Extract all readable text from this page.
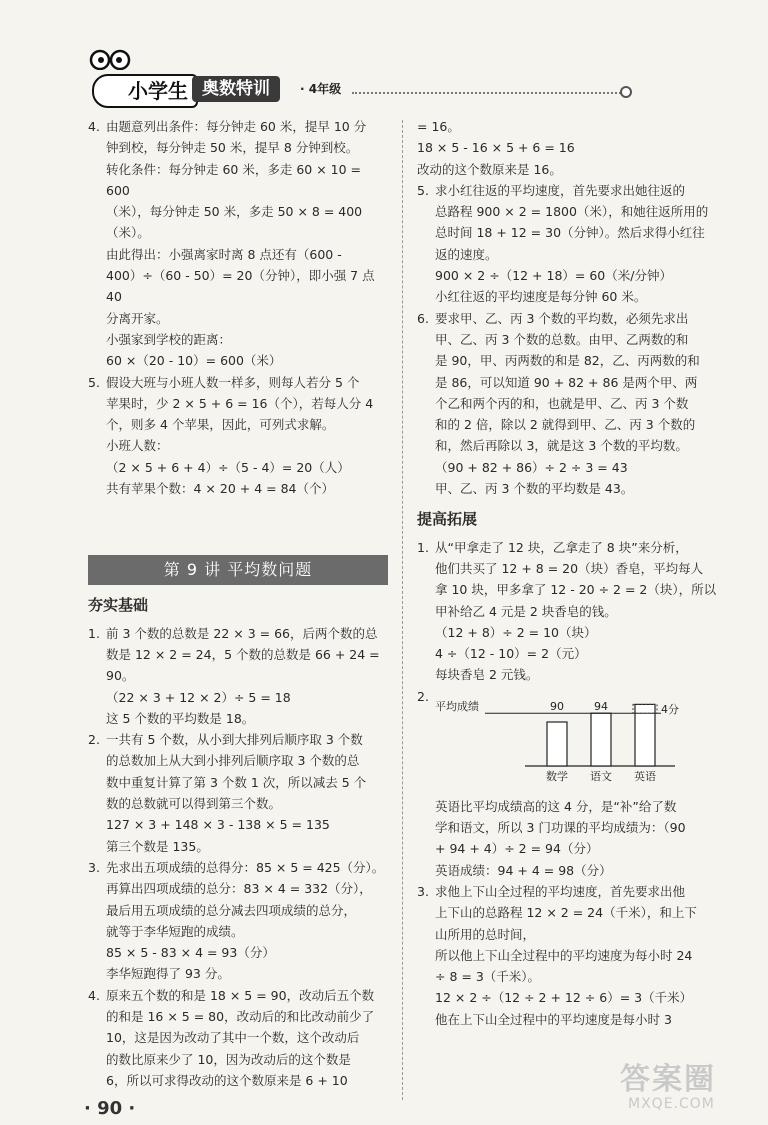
小学生 奥数特训	· 4年级
4. 由题意列出条件：每分钟走 60 米，提早 10 分

钟到校，每分钟走 50 米，提早 8 分钟到校。

转化条件：每分钟走 60 米，多走 60 × 10 = 600

（米），每分钟走 50 米，多走 50 × 8 = 400

（米）。

由此得出：小强离家时离 8 点还有（600 -

400）÷（60 - 50）= 20（分钟），即小强 7 点 40

分离开家。

小强家到学校的距离：

60 ×（20 - 10）= 600（米）

5. 假设大班与小班人数一样多，则每人若分 5 个

苹果时，少 2 × 5 + 6 = 16（个），若每人分 4

个，则多 4 个苹果，因此，可列式求解。

小班人数：

（2 × 5 + 6 + 4）÷（5 - 4）= 20（人）

共有苹果个数：4 × 20 + 4 = 84（个）

第 9 讲 平均数问题
夯实基础
1. 前 3 个数的总数是 22 × 3 = 66，后两个数的总

数是 12 × 2 = 24，5 个数的总数是 66 + 24 = 90。

（22 × 3 + 12 × 2）÷ 5 = 18

这 5 个数的平均数是 18。

2. 一共有 5 个数，从小到大排列后顺序取 3 个数

的总数加上从大到小排列后顺序取 3 个数的总

数中重复计算了第 3 个数 1 次，所以减去 5 个

数的总数就可以得到第三个数。

127 × 3 + 148 × 3 - 138 × 5 = 135

第三个数是 135。

3. 先求出五项成绩的总得分：85 × 5 = 425（分）。

再算出四项成绩的总分：83 × 4 = 332（分），

最后用五项成绩的总分减去四项成绩的总分，

就等于李华短跑的成绩。

85 × 5 - 83 × 4 = 93（分）

李华短跑得了 93 分。

4. 原来五个数的和是 18 × 5 = 90，改动后五个数

的和是 16 × 5 = 80，改动后的和比改动前少了

10，这是因为改动了其中一个数，这个改动后

的数比原来少了 10，因为改动后的这个数是

6，所以可求得改动的这个数原来是 6 + 10

= 16。

18 × 5 - 16 × 5 + 6 = 16

改动的这个数原来是 16。

5. 求小红往返的平均速度，首先要求出她往返的

总路程 900 × 2 = 1800（米），和她往返所用的

总时间 18 + 12 = 30（分钟）。然后求得小红往

返的速度。

900 × 2 ÷（12 + 18）= 60（米/分钟）

小红往返的平均速度是每分钟 60 米。

6. 要求甲、乙、丙 3 个数的平均数，必须先求出

甲、乙、丙 3 个数的总数。由甲、乙两数的和

是 90，甲、丙两数的和是 82，乙、丙两数的和

是 86，可以知道 90 + 82 + 86 是两个甲、两

个乙和两个丙的和，也就是甲、乙、丙 3 个数

和的 2 倍，除以 2 就得到甲、乙、丙 3 个数的

和，然后再除以 3，就是这 3 个数的平均数。

（90 + 82 + 86）÷ 2 ÷ 3 = 43

甲、乙、丙 3 个数的平均数是 43。

提高拓展
1. 从“甲拿走了 12 块，乙拿走了 8 块”来分析，

他们共买了 12 + 8 = 20（块）香皂，平均每人

拿 10 块，甲多拿了 12 - 20 ÷ 2 = 2（块），所以

甲补给乙 4 元是 2 块香皂的钱。

（12 + 8）÷ 2 = 10（块）

4 ÷（12 - 10）= 2（元）

每块香皂 2 元钱。

2.
数学 语文 英语
平均成绩	90	94	4分

英语比平均成绩高的这 4 分，是“补”给了数

学和语文，所以 3 门功课的平均成绩为：（90

+ 94 + 4）÷ 2 = 94（分）

英语成绩：94 + 4 = 98（分）

3. 求他上下山全过程的平均速度，首先要求出他

上下山的总路程 12 × 2 = 24（千米），和上下

山所用的总时间，

所以他上下山全过程中的平均速度为每小时 24

÷ 8 = 3（千米）。

12 × 2 ÷（12 ÷ 2 + 12 ÷ 6）= 3（千米）

他在上下山全过程中的平均速度是每小时 3

· 90 ·
答案圈
MXQE.COM
